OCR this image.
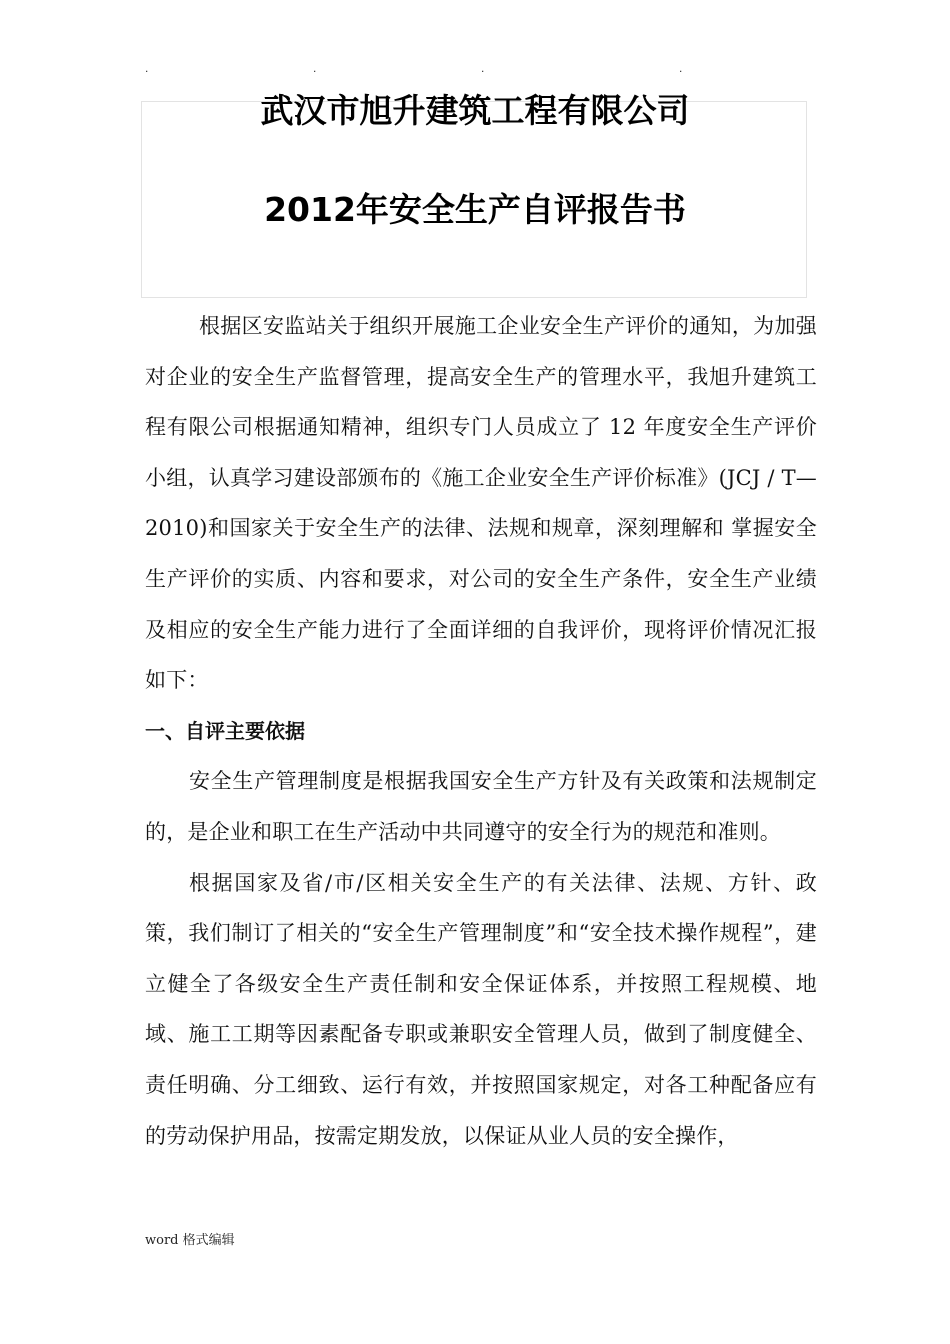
.	.	.	.
武汉市旭升建筑工程有限公司
2012年安全生产自评报告书

根据区安监站关于组织开展施工企业安全生产评价的通知，为加强对企业的安全生产监督管理，提高安全生产的管理水平，我旭升建筑工程有限公司根据通知精神，组织专门人员成立了 12 年度安全生产评价小组，认真学习建设部颁布的《施工企业安全生产评价标准》(JCJ / T—2010)和国家关于安全生产的法律、法规和规章，深刻理解和 掌握安全生产评价的实质、内容和要求，对公司的安全生产条件，安全生产业绩及相应的安全生产能力进行了全面详细的自我评价，现将评价情况汇报如下：

一、自评主要依据

安全生产管理制度是根据我国安全生产方针及有关政策和法规制定的，是企业和职工在生产活动中共同遵守的安全行为的规范和准则。

根据国家及省/市/区相关安全生产的有关法律、法规、方针、政策，我们制订了相关的“安全生产管理制度”和“安全技术操作规程”，建立健全了各级安全生产责任制和安全保证体系，并按照工程规模、地域、施工工期等因素配备专职或兼职安全管理人员，做到了制度健全、责任明确、分工细致、运行有效，并按照国家规定，对各工种配备应有的劳动保护用品，按需定期发放，以保证从业人员的安全操作，

word 格式编辑
